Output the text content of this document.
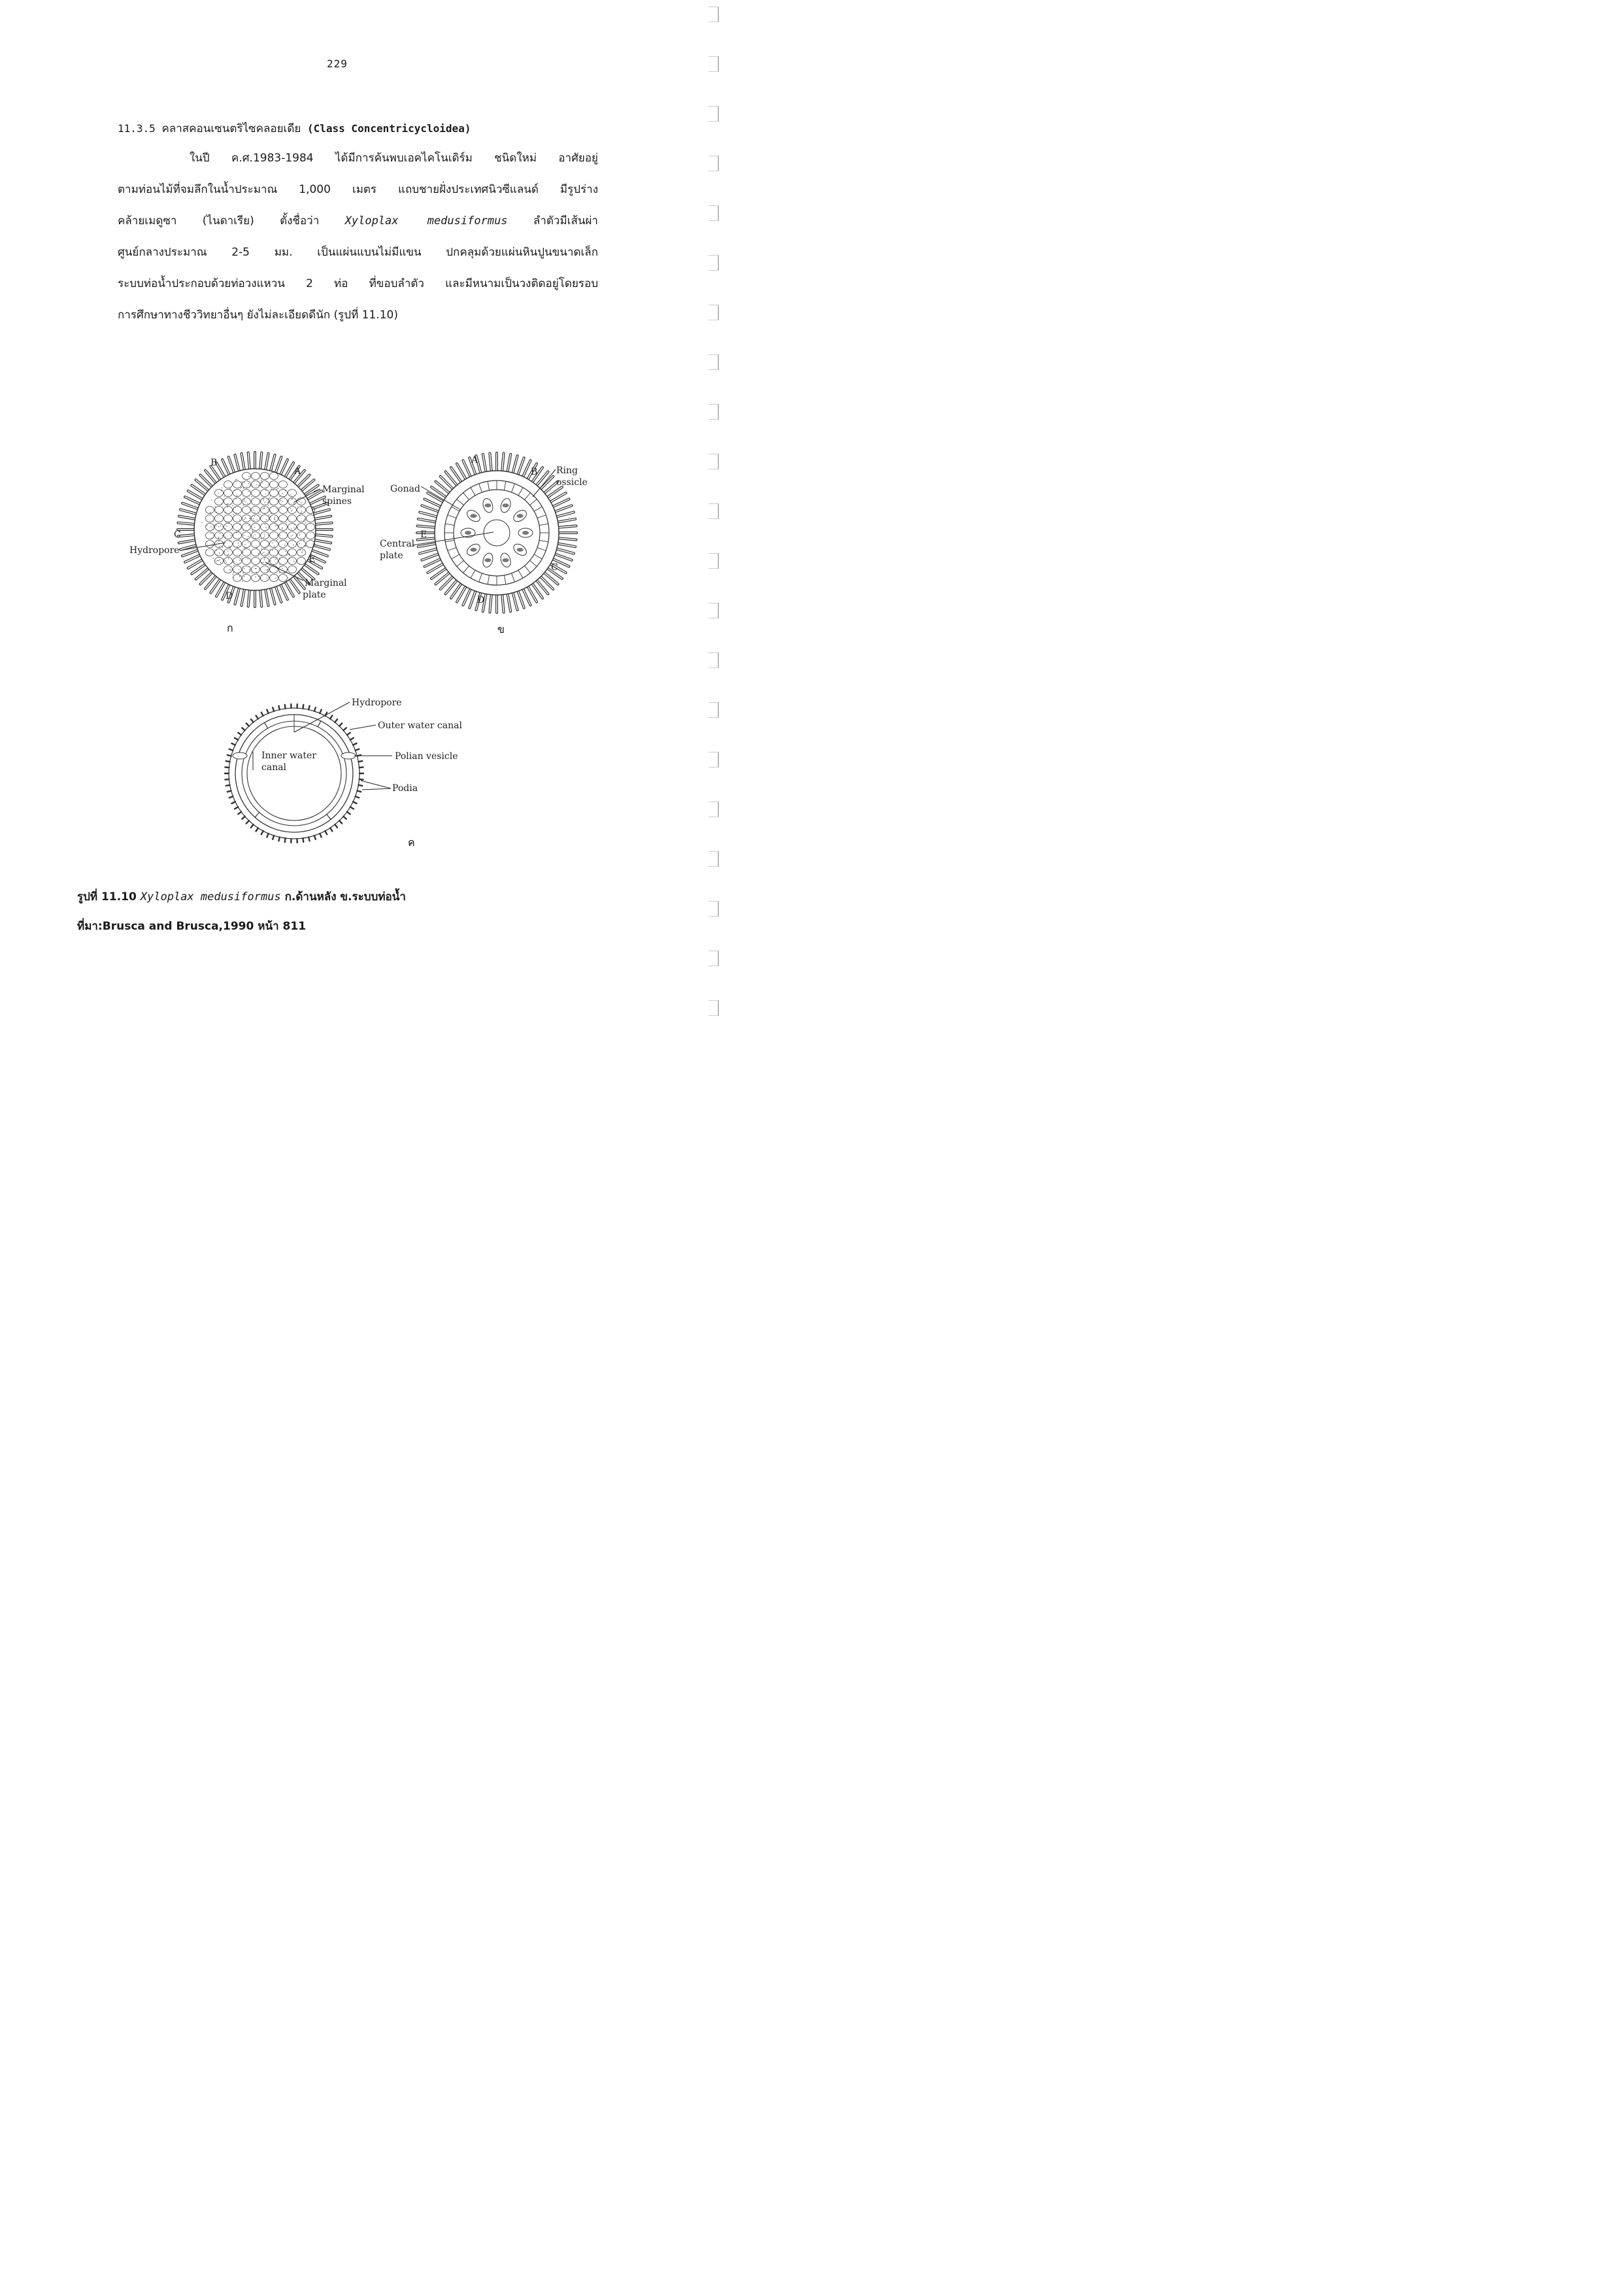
229
11.3.5 คลาสคอนเซนตริไซคลอยเดีย (Class Concentricycloidea)
ในปี ค.ศ.1983-1984 ได้มีการค้นพบเอคไคโนเดิร์ม ชนิดใหม่ อาศัยอยู่
ตามท่อนไม้ที่จมลึกในน้ำประมาณ 1,000 เมตร แถบชายฝั่งประเทศนิวซีแลนด์ มีรูปร่าง
คล้ายเมดูซา (ไนดาเรีย) ตั้งชื่อว่า Xyloplax medusiformus ลำตัวมีเส้นผ่า
ศูนย์กลางประมาณ 2-5 มม. เป็นแผ่นแบนไม่มีแขน ปกคลุมด้วยแผ่นหินปูนขนาดเล็ก
ระบบท่อน้ำประกอบด้วยท่อวงแหวน 2 ท่อ ที่ขอบลำตัว และมีหนามเป็นวงติดอยู่โดยรอบ
การศึกษาทางชีววิทยาอื่นๆ ยังไม่ละเอียดดีนัก (รูปที่ 11.10)
B
A
C
E
D
Marginal
spines
Hydropore
Marginal
plate
ก
A
B
E
C
D
Gonad
Ring
ossicle
Central
plate
ข
Hydropore
Outer water canal
Inner water
canal
Polian vesicle
Podia
ค
รูปที่ 11.10 Xyloplax medusiformus ก.ด้านหลัง ข.ระบบท่อน้ำ
ที่มา:Brusca and Brusca,1990 หน้า 811
